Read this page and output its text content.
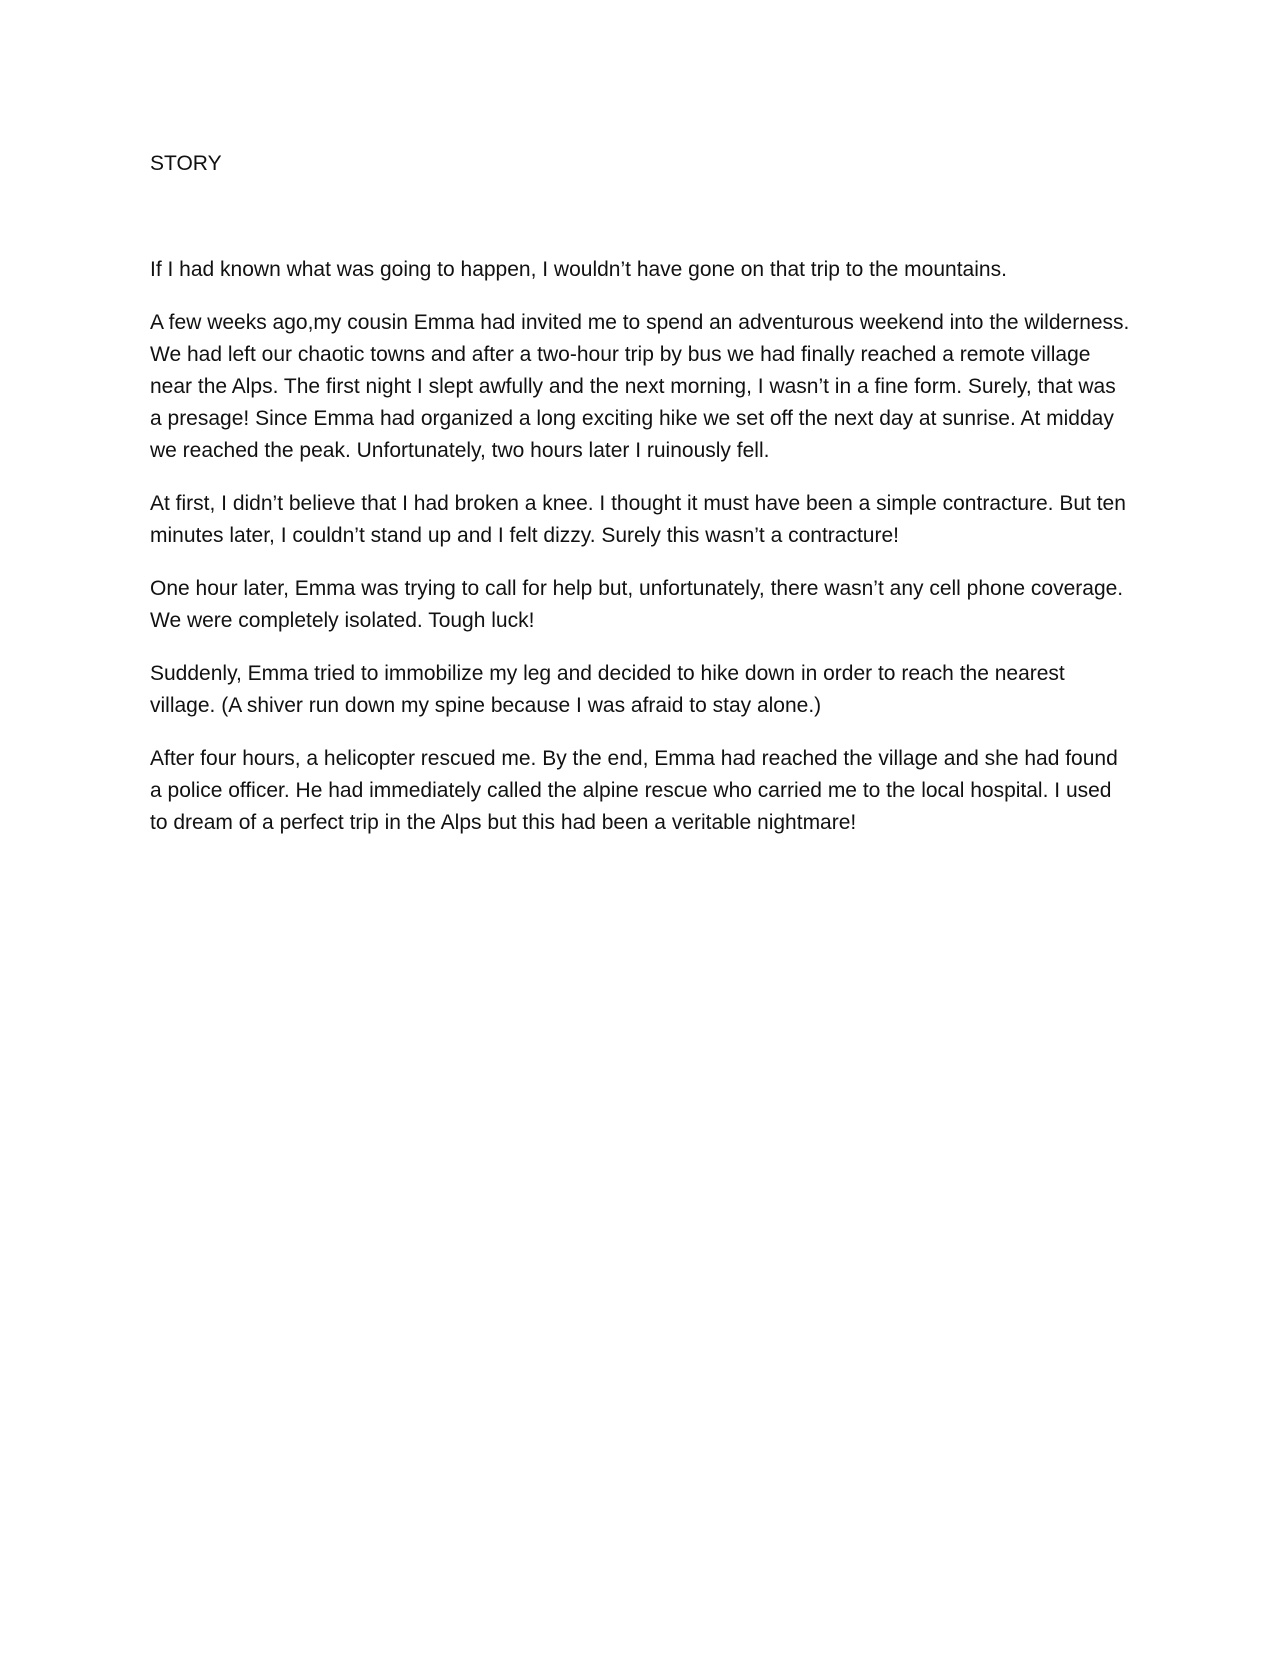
STORY

If I had known what was going to happen, I wouldn’t have gone on that trip to the mountains.

A few weeks ago,my cousin Emma had invited me to spend an adventurous weekend into the wilderness. We had left our chaotic towns and after a two-hour trip by bus we had finally reached a remote village near the Alps. The first night I slept awfully and the next morning, I wasn’t in a fine form. Surely, that was a presage! Since Emma had organized a long exciting hike we set off the next day at sunrise. At midday we reached the peak. Unfortunately, two hours later I ruinously fell.

At first, I didn’t believe that I had broken a knee. I thought it must have been a simple contracture. But ten minutes later, I couldn’t stand up and I felt dizzy. Surely this wasn’t a contracture!

One hour later, Emma was trying to call for help but, unfortunately, there wasn’t any cell phone coverage. We were completely isolated. Tough luck!

Suddenly, Emma tried to immobilize my leg and decided to hike down in order to reach the nearest village. (A shiver run down my spine because I was afraid to stay alone.)

After four hours, a helicopter rescued me. By the end, Emma had reached the village and she had found a police officer. He had immediately called the alpine rescue who carried me to the local hospital. I used to dream of a perfect trip in the Alps but this had been a veritable nightmare!
